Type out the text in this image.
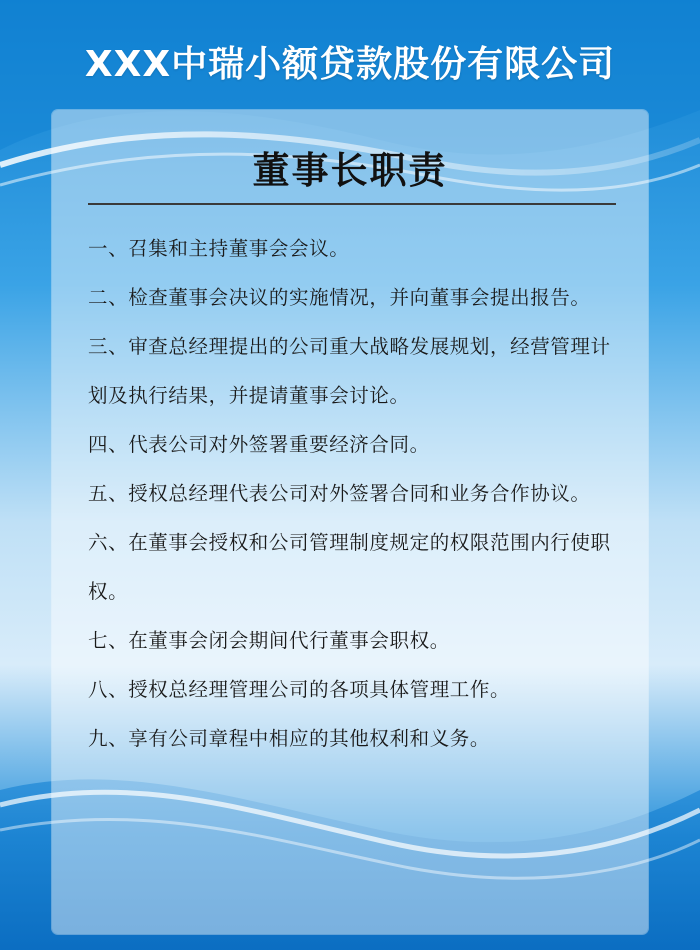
XXX中瑞小额贷款股份有限公司
董事长职责
一、召集和主持董事会会议。
二、检查董事会决议的实施情况，并向董事会提出报告。
三、审查总经理提出的公司重大战略发展规划，经营管理计划及执行结果，并提请董事会讨论。
四、代表公司对外签署重要经济合同。
五、授权总经理代表公司对外签署合同和业务合作协议。
六、在董事会授权和公司管理制度规定的权限范围内行使职权。
七、在董事会闭会期间代行董事会职权。
八、授权总经理管理公司的各项具体管理工作。
九、享有公司章程中相应的其他权利和义务。
